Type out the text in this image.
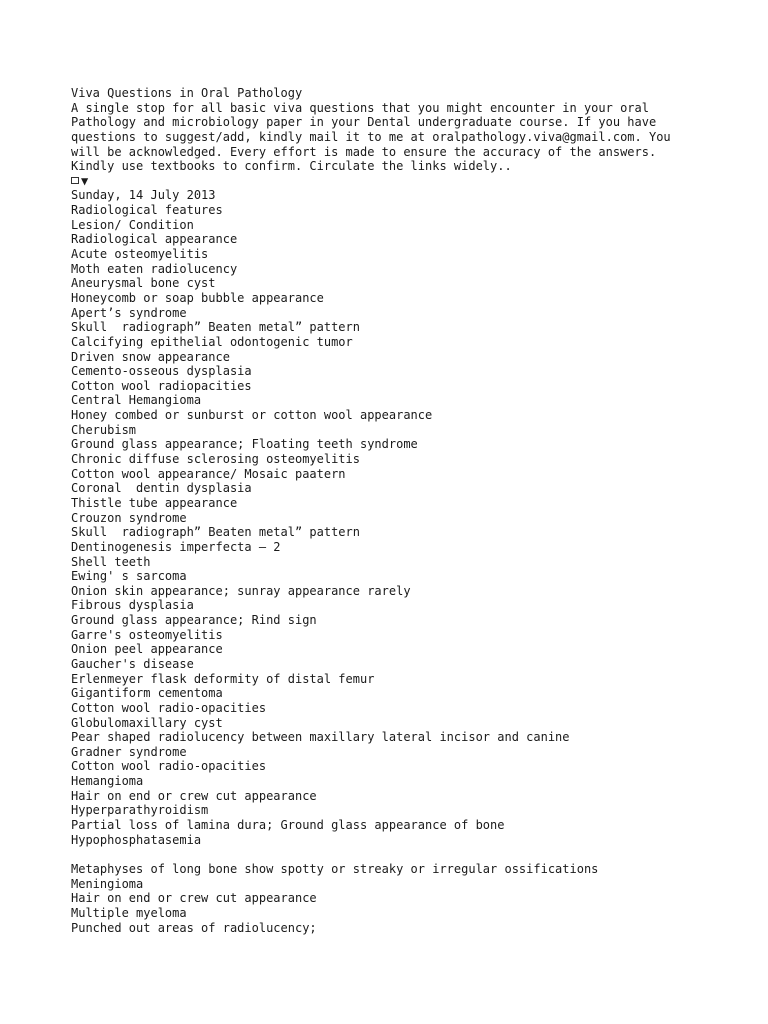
Viva Questions in Oral Pathology
A single stop for all basic viva questions that you might encounter in your oral
Pathology and microbiology paper in your Dental undergraduate course. If you have
questions to suggest/add, kindly mail it to me at oralpathology.viva@gmail.com. You
will be acknowledged. Every effort is made to ensure the accuracy of the answers.
Kindly use textbooks to confirm. Circulate the links widely..
▼
Sunday, 14 July 2013
Radiological features
Lesion/ Condition
Radiological appearance
Acute osteomyelitis
Moth eaten radiolucency
Aneurysmal bone cyst
Honeycomb or soap bubble appearance
Apert’s syndrome
Skull  radiograph” Beaten metal” pattern
Calcifying epithelial odontogenic tumor
Driven snow appearance
Cemento-osseous dysplasia
Cotton wool radiopacities
Central Hemangioma
Honey combed or sunburst or cotton wool appearance
Cherubism
Ground glass appearance; Floating teeth syndrome
Chronic diffuse sclerosing osteomyelitis
Cotton wool appearance/ Mosaic paatern
Coronal  dentin dysplasia
Thistle tube appearance
Crouzon syndrome
Skull  radiograph” Beaten metal” pattern
Dentinogenesis imperfecta – 2
Shell teeth
Ewing' s sarcoma
Onion skin appearance; sunray appearance rarely
Fibrous dysplasia
Ground glass appearance; Rind sign
Garre's osteomyelitis
Onion peel appearance
Gaucher's disease
Erlenmeyer flask deformity of distal femur
Gigantiform cementoma
Cotton wool radio-opacities
Globulomaxillary cyst
Pear shaped radiolucency between maxillary lateral incisor and canine
Gradner syndrome
Cotton wool radio-opacities
Hemangioma
Hair on end or crew cut appearance
Hyperparathyroidism
Partial loss of lamina dura; Ground glass appearance of bone
Hypophosphatasemia
Metaphyses of long bone show spotty or streaky or irregular ossifications
Meningioma
Hair on end or crew cut appearance
Multiple myeloma
Punched out areas of radiolucency;
